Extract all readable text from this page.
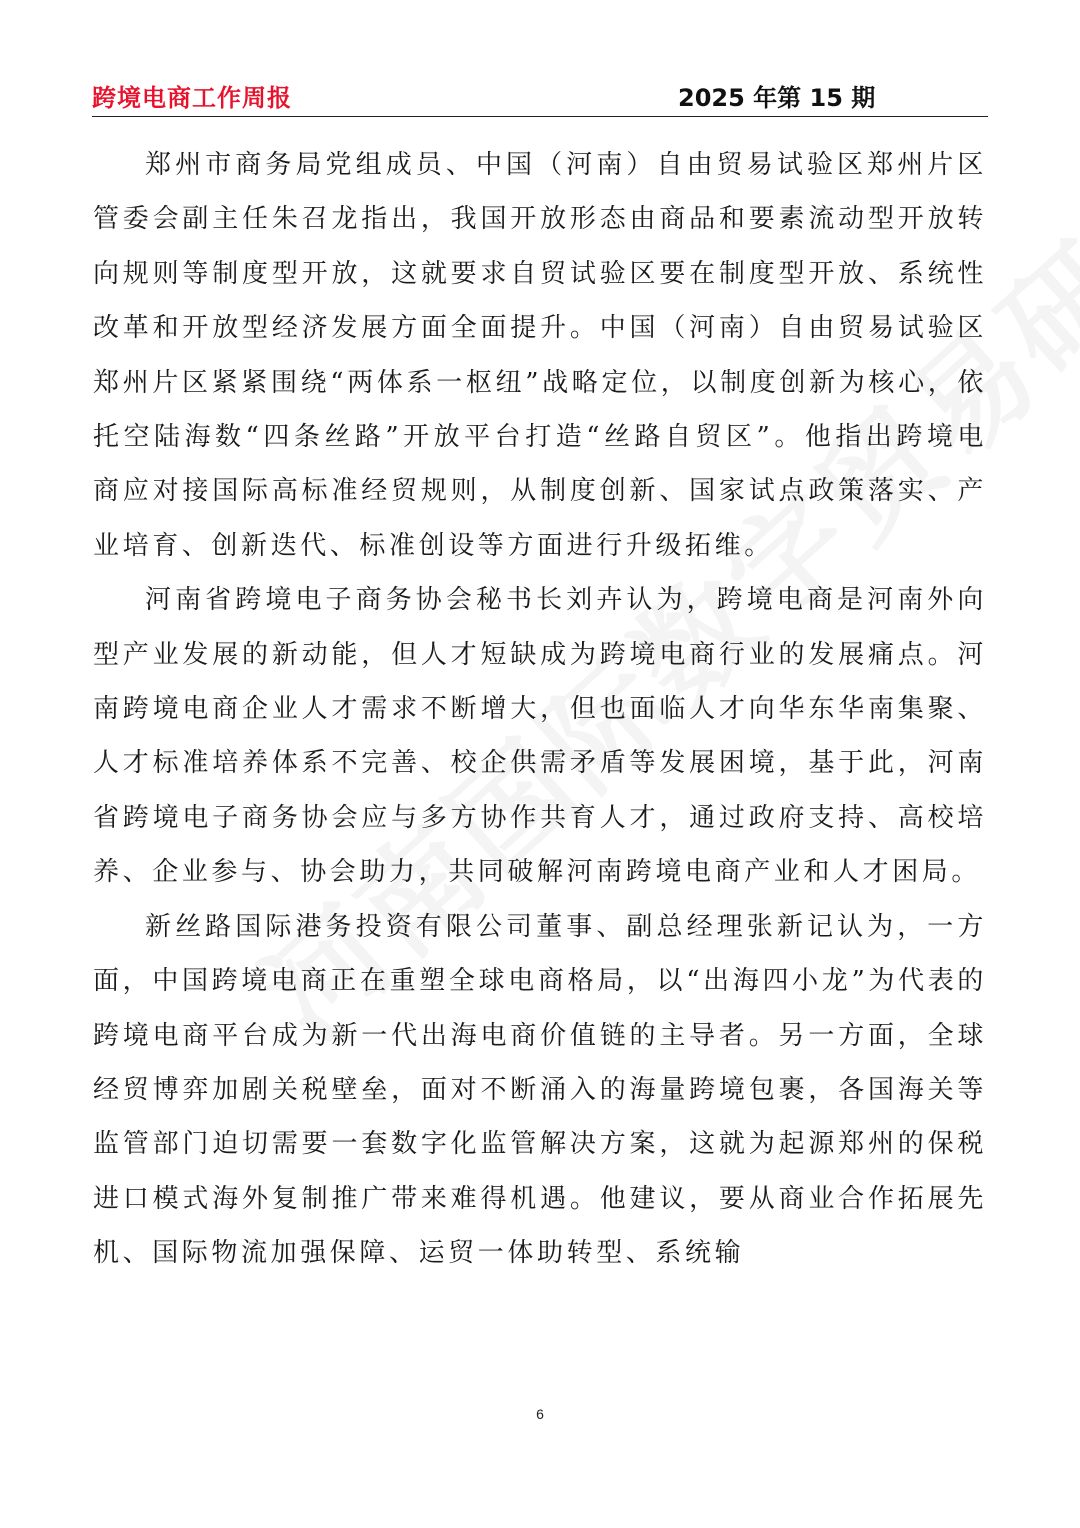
跨境电商工作周报	2025 年第 15 期

郑州市商务局党组成员、中国（河南）自由贸易试验区郑州片区管委会副主任朱召龙指出，我国开放形态由商品和要素流动型开放转向规则等制度型开放，这就要求自贸试验区要在制度型开放、系统性改革和开放型经济发展方面全面提升。中国（河南）自由贸易试验区郑州片区紧紧围绕“两体系一枢纽”战略定位，以制度创新为核心，依托空陆海数“四条丝路”开放平台打造“丝路自贸区”。他指出跨境电商应对接国际高标准经贸规则，从制度创新、国家试点政策落实、产业培育、创新迭代、标准创设等方面进行升级拓维。

河南省跨境电子商务协会秘书长刘卉认为，跨境电商是河南外向型产业发展的新动能，但人才短缺成为跨境电商行业的发展痛点。河南跨境电商企业人才需求不断增大，但也面临人才向华东华南集聚、人才标准培养体系不完善、校企供需矛盾等发展困境，基于此，河南省跨境电子商务协会应与多方协作共育人才，通过政府支持、高校培养、企业参与、协会助力，共同破解河南跨境电商产业和人才困局。

新丝路国际港务投资有限公司董事、副总经理张新记认为，一方面，中国跨境电商正在重塑全球电商格局，以“出海四小龙”为代表的跨境电商平台成为新一代出海电商价值链的主导者。另一方面，全球经贸博弈加剧关税壁垒，面对不断涌入的海量跨境包裹，各国海关等监管部门迫切需要一套数字化监管解决方案，这就为起源郑州的保税进口模式海外复制推广带来难得机遇。他建议，要从商业合作拓展先机、国际物流加强保障、运贸一体助转型、系统输

6
